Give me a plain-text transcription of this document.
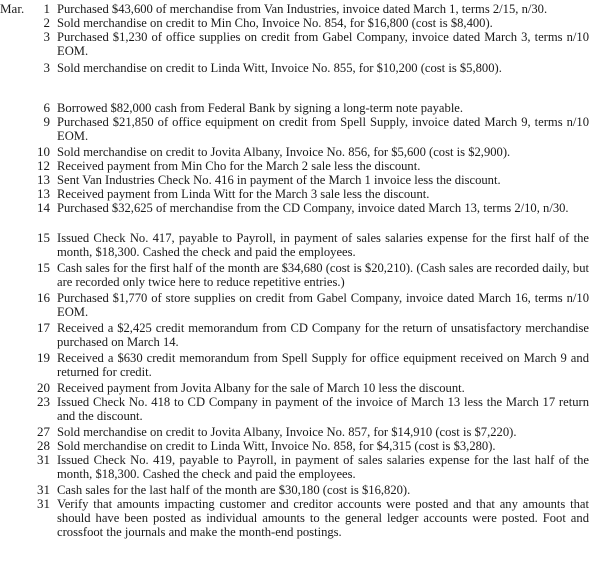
Mar.	1 Purchased $43,600 of merchandise from Van Industries, invoice dated March 1, terms 2/15, n/30.
2 Sold merchandise on credit to Min Cho, Invoice No. 854, for $16,800 (cost is $8,400).
3 Purchased $1,230 of office supplies on credit from Gabel Company, invoice dated March 3, terms n/10 EOM.
3 Sold merchandise on credit to Linda Witt, Invoice No. 855, for $10,200 (cost is $5,800).
6 Borrowed $82,000 cash from Federal Bank by signing a long-term note payable.
9 Purchased $21,850 of office equipment on credit from Spell Supply, invoice dated March 9, terms n/10 EOM.
10 Sold merchandise on credit to Jovita Albany, Invoice No. 856, for $5,600 (cost is $2,900).
12 Received payment from Min Cho for the March 2 sale less the discount.
13 Sent Van Industries Check No. 416 in payment of the March 1 invoice less the discount.
13 Received payment from Linda Witt for the March 3 sale less the discount.
14 Purchased $32,625 of merchandise from the CD Company, invoice dated March 13, terms 2/10, n/30.
15 Issued Check No. 417, payable to Payroll, in payment of sales salaries expense for the first half of the month, $18,300. Cashed the check and paid the employees.
15 Cash sales for the first half of the month are $34,680 (cost is $20,210). (Cash sales are recorded daily, but are recorded only twice here to reduce repetitive entries.)
16 Purchased $1,770 of store supplies on credit from Gabel Company, invoice dated March 16, terms n/10 EOM.
17 Received a $2,425 credit memorandum from CD Company for the return of unsatisfactory merchandise purchased on March 14.
19 Received a $630 credit memorandum from Spell Supply for office equipment received on March 9 and returned for credit.
20 Received payment from Jovita Albany for the sale of March 10 less the discount.
23 Issued Check No. 418 to CD Company in payment of the invoice of March 13 less the March 17 return and the discount.
27 Sold merchandise on credit to Jovita Albany, Invoice No. 857, for $14,910 (cost is $7,220).
28 Sold merchandise on credit to Linda Witt, Invoice No. 858, for $4,315 (cost is $3,280).
31 Issued Check No. 419, payable to Payroll, in payment of sales salaries expense for the last half of the month, $18,300. Cashed the check and paid the employees.
31 Cash sales for the last half of the month are $30,180 (cost is $16,820).
31 Verify that amounts impacting customer and creditor accounts were posted and that any amounts that should have been posted as individual amounts to the general ledger accounts were posted. Foot and crossfoot the journals and make the month-end postings.
